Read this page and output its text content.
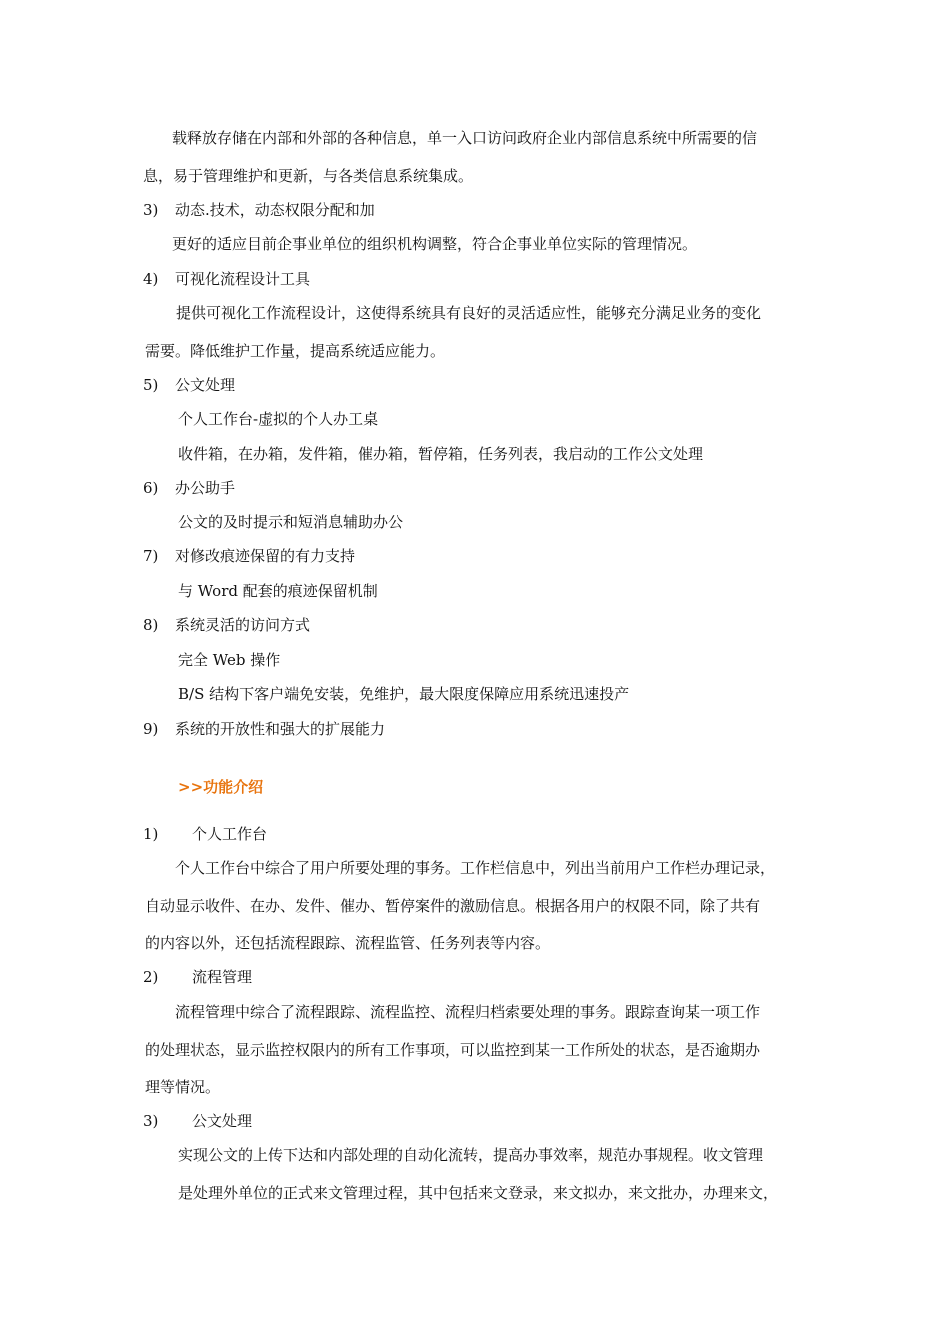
载释放存储在内部和外部的各种信息，单一入口访问政府企业内部信息系统中所需要的信
息，易于管理维护和更新，与各类信息系统集成。
3) 动态.技术，动态权限分配和加
更好的适应目前企事业单位的组织机构调整，符合企事业单位实际的管理情况。
4) 可视化流程设计工具
提供可视化工作流程设计，这使得系统具有良好的灵活适应性，能够充分满足业务的变化
需要。降低维护工作量，提高系统适应能力。
5) 公文处理
个人工作台-虚拟的个人办工桌
收件箱，在办箱，发件箱，催办箱，暂停箱，任务列表，我启动的工作公文处理
6) 办公助手
公文的及时提示和短消息辅助办公
7) 对修改痕迹保留的有力支持
与 Word 配套的痕迹保留机制
8) 系统灵活的访问方式
完全 Web 操作
B/S 结构下客户端免安装，免维护，最大限度保障应用系统迅速投产
9) 系统的开放性和强大的扩展能力
>>功能介绍
1) 个人工作台
个人工作台中综合了用户所要处理的事务。工作栏信息中，列出当前用户工作栏办理记录，
自动显示收件、在办、发件、催办、暂停案件的激励信息。根据各用户的权限不同，除了共有
的内容以外，还包括流程跟踪、流程监管、任务列表等内容。
2) 流程管理
流程管理中综合了流程跟踪、流程监控、流程归档索要处理的事务。跟踪查询某一项工作
的处理状态，显示监控权限内的所有工作事项，可以监控到某一工作所处的状态，是否逾期办
理等情况。
3) 公文处理
实现公文的上传下达和内部处理的自动化流转，提高办事效率，规范办事规程。收文管理
是处理外单位的正式来文管理过程，其中包括来文登录，来文拟办，来文批办，办理来文，
